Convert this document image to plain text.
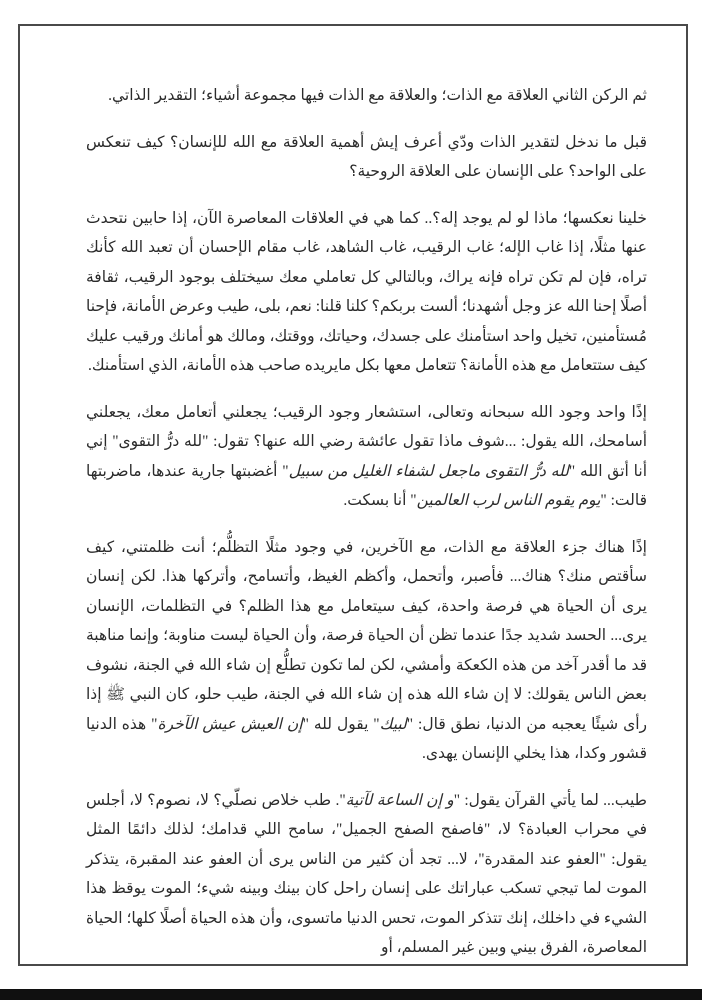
ثم الركن الثاني العلاقة مع الذات؛ والعلاقة مع الذات فيها مجموعة أشياء؛ التقدير الذاتي.

قبل ما ندخل لتقدير الذات ودّي أعرف إيش أهمية العلاقة مع الله للإنسان؟ كيف تنعكس على الواحد؟ على الإنسان على العلاقة الروحية؟

خلينا نعكسها؛ ماذا لو لم يوجد إله؟.. كما هي في العلاقات المعاصرة الآن، إذا حابين نتحدث عنها مثلًا، إذا غاب الإله؛ غاب الرقيب، غاب الشاهد، غاب مقام الإحسان أن تعبد الله كأنك تراه، فإن لم تكن تراه فإنه يراك، وبالتالي كل تعاملي معك سيختلف بوجود الرقيب، ثقافة أصلًا إحنا الله عز وجل أشهدنا؛ ألست بربكم؟ كلنا قلنا: نعم، بلى، طيب وعرض الأمانة، فإحنا مُستأمنين، تخيل واحد استأمنك على جسدك، وحياتك، ووقتك، ومالك هو أمانك ورقيب عليك كيف ستتعامل مع هذه الأمانة؟ تتعامل معها بكل مايريده صاحب هذه الأمانة، الذي استأمنك.

إذًا واحد وجود الله سبحانه وتعالى، استشعار وجود الرقيب؛ يجعلني أتعامل معك، يجعلني أسامحك، الله يقول: ...شوف ماذا تقول عائشة رضي الله عنها؟ تقول: "لله درُّ التقوى" إني أنا أتق الله "لله درُّ التقوى ماجعل لشفاء الغليل من سبيل" أغضبتها جارية عندها، ماضربتها قالت: "يوم يقوم الناس لرب العالمين" أنا بسكت.

إذًا هناك جزء العلاقة مع الذات، مع الآخرين، في وجود مثلًا التظلُّم؛ أنت ظلمتني، كيف سأقتص منك؟ هناك... فأصبر، وأتحمل، وأكظم الغيظ، وأتسامح، وأتركها هذا. لكن إنسان يرى أن الحياة هي فرصة واحدة، كيف سيتعامل مع هذا الظلم؟ في التظلمات، الإنسان يرى... الحسد شديد جدًا عندما تظن أن الحياة فرصة، وأن الحياة ليست مناوبة؛ وإنما مناهبة قد ما أقدر آخد من هذه الكعكة وأمشي، لكن لما تكون تطلُّع إن شاء الله في الجنة، نشوف بعض الناس يقولك: لا إن شاء الله هذه إن شاء الله في الجنة، طيب حلو، كان النبي ﷺ إذا رأى شيئًا يعجبه من الدنيا، نطق قال: "لبيك" يقول لله "إن العيش عيش الآخرة" هذه الدنيا قشور وكدا، هذا يخلي الإنسان يهدى.

طيب... لما يأتي القرآن يقول: "و إن الساعة لآتية". طب خلاص نصلّي؟ لا، نصوم؟ لا، أجلس في محراب العبادة؟ لا، "فاصفح الصفح الجميل"، سامح اللي قدامك؛ لذلك دائمًا المثل يقول: "العفو عند المقدرة"، لا... تجد أن كثير من الناس يرى أن العفو عند المقبرة، يتذكر الموت لما تيجي تسكب عباراتك على إنسان راحل كان بينك وبينه شيء؛ الموت يوقظ هذا الشيء في داخلك، إنك تتذكر الموت، تحس الدنيا ماتسوى، وأن هذه الحياة أصلًا كلها؛ الحياة المعاصرة، الفرق بيني وبين غير المسلم، أو
